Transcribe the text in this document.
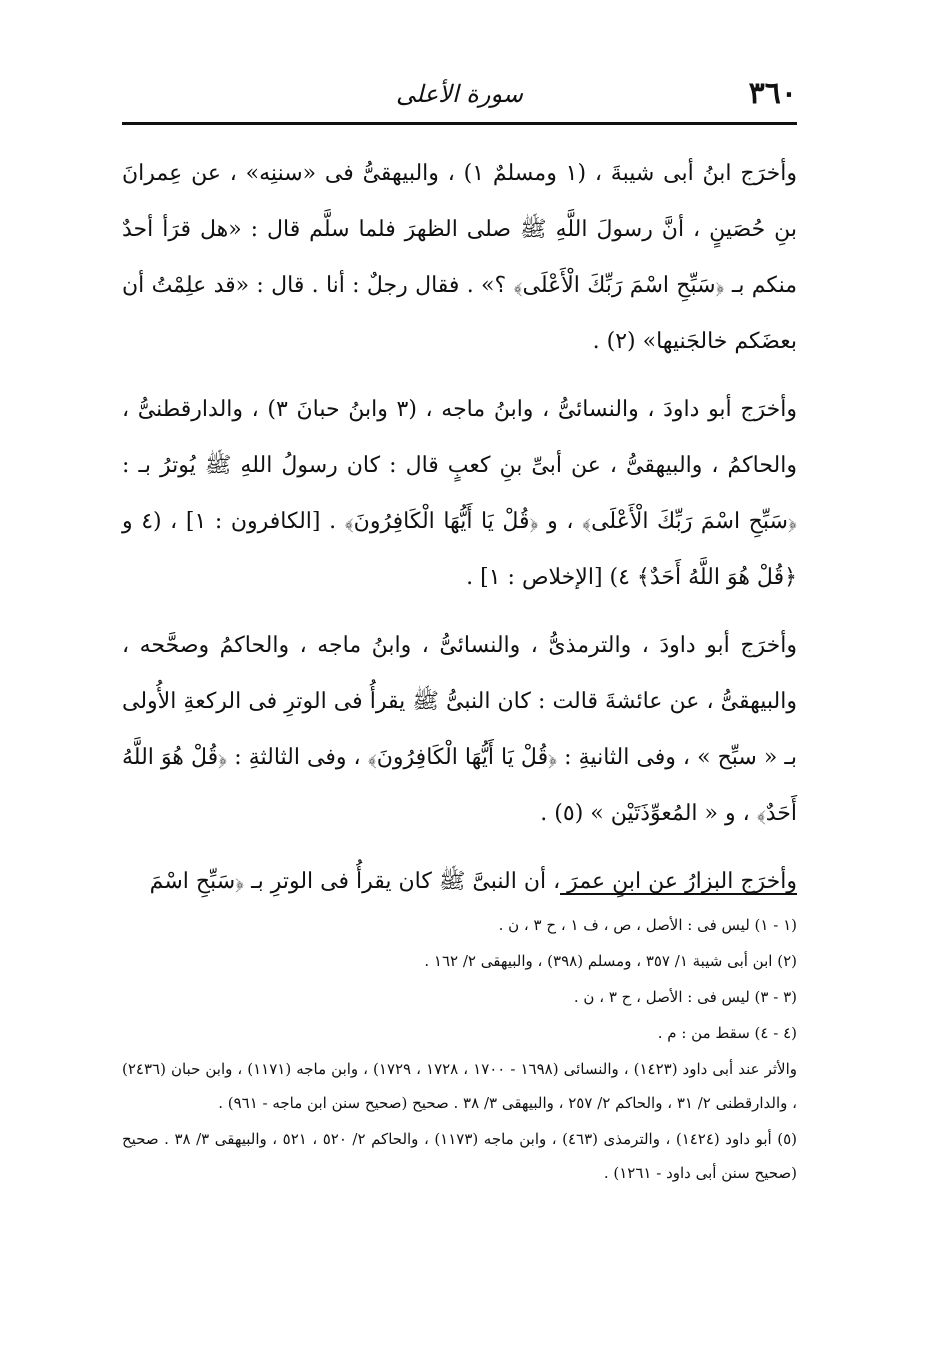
٣٦٠
سورة الأعلى

وأخرَج ابنُ أبى شيبةَ ، (١ ومسلمٌ ١) ، والبيهقىُّ فى «سننِه» ، عن عِمرانَ بنِ حُصَينٍ ، أنَّ رسولَ اللَّهِ ﷺ صلى الظهرَ فلما سلَّم قال : «هل قرَأ أحدٌ منكم بـ ﴿سَبِّحِ اسْمَ رَبِّكَ الْأَعْلَى﴾ ؟» . فقال رجلٌ : أنا . قال : «قد علِمْتُ أن بعضَكم خالجَنيها» (٢) .

وأخرَج أبو داودَ ، والنسائىُّ ، وابنُ ماجه ، (٣ وابنُ حبانَ ٣) ، والدارقطنىُّ ، والحاكمُ ، والبيهقىُّ ، عن أبىِّ بنِ كعبٍ قال : كان رسولُ اللهِ ﷺ يُوترُ بـ : ﴿سَبِّحِ اسْمَ رَبِّكَ الْأَعْلَى﴾ ، و ﴿قُلْ يَا أَيُّهَا الْكَافِرُونَ﴾ . [الكافرون : ١] ، (٤ و ﴿قُلْ هُوَ اللَّهُ أَحَدٌ﴾ ٤) [الإخلاص : ١] .

وأخرَج أبو داودَ ، والترمذىُّ ، والنسائىُّ ، وابنُ ماجه ، والحاكمُ وصحَّحه ، والبيهقىُّ ، عن عائشةَ قالت : كان النبىُّ ﷺ يقرأُ فى الوترِ فى الركعةِ الأُولى بـ « سبِّح » ، وفى الثانيةِ : ﴿قُلْ يَا أَيُّهَا الْكَافِرُونَ﴾ ، وفى الثالثةِ : ﴿قُلْ هُوَ اللَّهُ أَحَدٌ﴾ ، و « المُعوِّذَتَيْن » (٥) .

وأخرَج البزارُ عن ابنِ عمرَ ، أن النبىَّ ﷺ كان يقرأُ فى الوترِ بـ ﴿سَبِّحِ اسْمَ

(١ - ١) ليس فى : الأصل ، ص ، ف ١ ، ح ٣ ، ن .

(٢) ابن أبى شيبة ١/ ٣٥٧ ، ومسلم (٣٩٨) ، والبيهقى ٢/ ١٦٢ .

(٣ - ٣) ليس فى : الأصل ، ح ٣ ، ن .

(٤ - ٤) سقط من : م .

والأثر عند أبى داود (١٤٢٣) ، والنسائى (١٦٩٨ - ١٧٠٠ ، ١٧٢٨ ، ١٧٢٩) ، وابن ماجه (١١٧١) ، وابن حبان (٢٤٣٦) ، والدارقطنى ٢/ ٣١ ، والحاكم ٢/ ٢٥٧ ، والبيهقى ٣/ ٣٨ . صحيح (صحيح سنن ابن ماجه - ٩٦١) .

(٥) أبو داود (١٤٢٤) ، والترمذى (٤٦٣) ، وابن ماجه (١١٧٣) ، والحاكم ٢/ ٥٢٠ ، ٥٢١ ، والبيهقى ٣/ ٣٨ . صحيح (صحيح سنن أبى داود - ١٢٦١) .
